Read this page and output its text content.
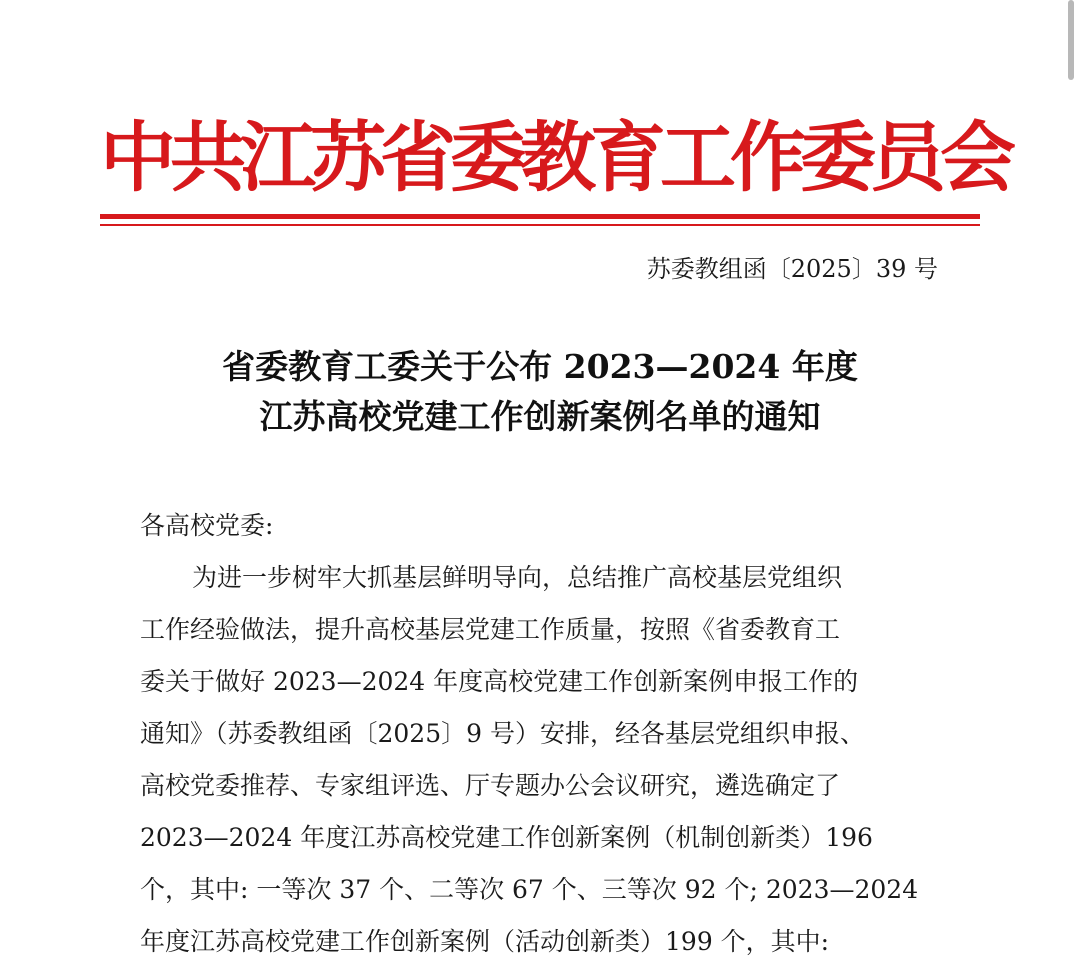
中共江苏省委教育工作委员会
苏委教组函〔2025〕39 号
省委教育工委关于公布 2023—2024 年度
江苏高校党建工作创新案例名单的通知
各高校党委:
为进一步树牢大抓基层鲜明导向，总结推广高校基层党组织
工作经验做法，提升高校基层党建工作质量，按照《省委教育工
委关于做好 2023—2024 年度高校党建工作创新案例申报工作的
通知》（苏委教组函〔2025〕9 号）安排，经各基层党组织申报、
高校党委推荐、专家组评选、厅专题办公会议研究，遴选确定了
2023—2024 年度江苏高校党建工作创新案例（机制创新类）196
个，其中: 一等次 37 个、二等次 67 个、三等次 92 个; 2023—2024
年度江苏高校党建工作创新案例（活动创新类）199 个，其中:
